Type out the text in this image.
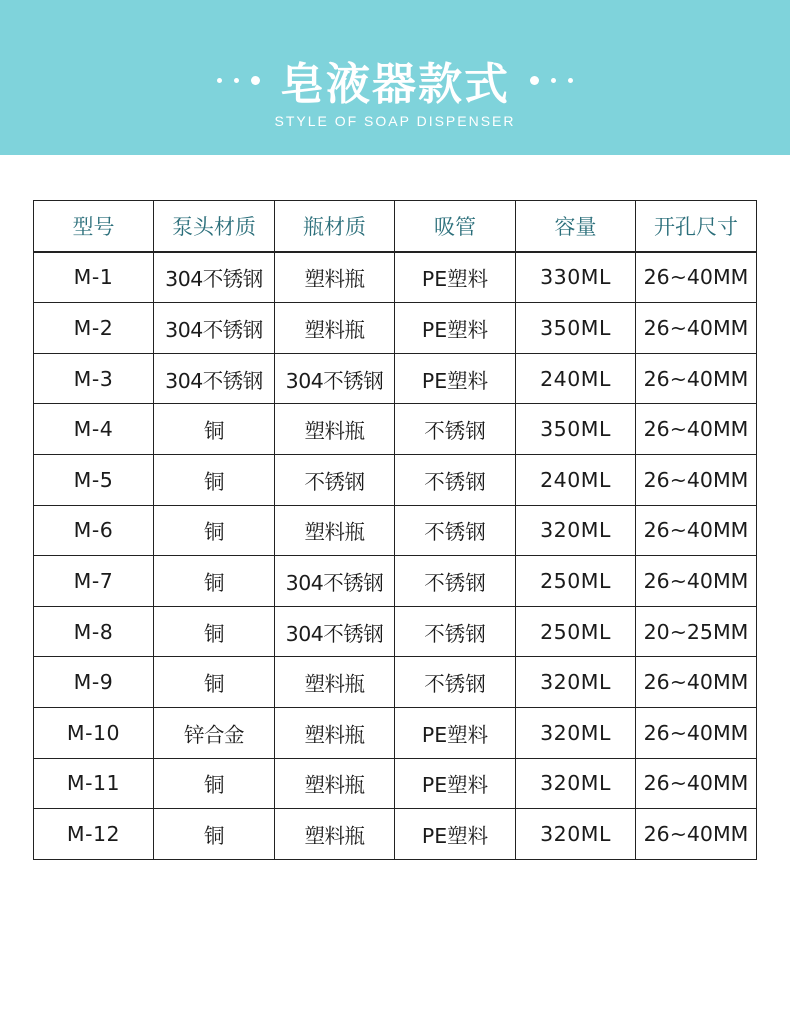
皂液器款式
STYLE OF SOAP DISPENSER
型号	泵头材质	瓶材质	吸管	容量	开孔尺寸
M-1	304不锈钢	塑料瓶	PE塑料	330ML	26~40MM
M-2	304不锈钢	塑料瓶	PE塑料	350ML	26~40MM
M-3	304不锈钢	304不锈钢	PE塑料	240ML	26~40MM
M-4	铜	塑料瓶	不锈钢	350ML	26~40MM
M-5	铜	不锈钢	不锈钢	240ML	26~40MM
M-6	铜	塑料瓶	不锈钢	320ML	26~40MM
M-7	铜	304不锈钢	不锈钢	250ML	26~40MM
M-8	铜	304不锈钢	不锈钢	250ML	20~25MM
M-9	铜	塑料瓶	不锈钢	320ML	26~40MM
M-10	锌合金	塑料瓶	PE塑料	320ML	26~40MM
M-11	铜	塑料瓶	PE塑料	320ML	26~40MM
M-12	铜	塑料瓶	PE塑料	320ML	26~40MM
